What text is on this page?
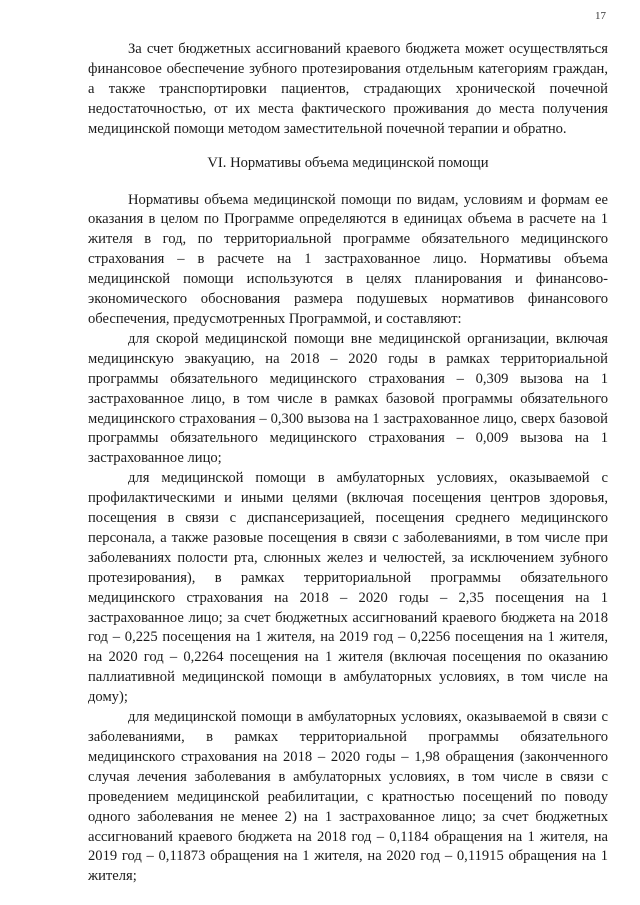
17

За счет бюджетных ассигнований краевого бюджета может осуществляться финансовое обеспечение зубного протезирования отдельным категориям граждан, а также транспортировки пациентов, страдающих хронической почечной недостаточностью, от их места фактического проживания до места получения медицинской помощи методом заместительной почечной терапии и обратно.

VI. Нормативы объема медицинской помощи

Нормативы объема медицинской помощи по видам, условиям и формам ее оказания в целом по Программе определяются в единицах объема в расчете на 1 жителя в год, по территориальной программе обязательного медицинского страхования – в расчете на 1 застрахованное лицо. Нормативы объема медицинской помощи используются в целях планирования и финансово-экономического обоснования размера подушевых нормативов финансового обеспечения, предусмотренных Программой, и составляют:

для скорой медицинской помощи вне медицинской организации, включая медицинскую эвакуацию, на 2018 – 2020 годы в рамках территориальной программы обязательного медицинского страхования – 0,309 вызова на 1 застрахованное лицо, в том числе в рамках базовой программы обязательного медицинского страхования – 0,300 вызова на 1 застрахованное лицо, сверх базовой программы обязательного медицинского страхования – 0,009 вызова на 1 застрахованное лицо;

для медицинской помощи в амбулаторных условиях, оказываемой с профилактическими и иными целями (включая посещения центров здоровья, посещения в связи с диспансеризацией, посещения среднего медицинского персонала, а также разовые посещения в связи с заболеваниями, в том числе при заболеваниях полости рта, слюнных желез и челюстей, за исключением зубного протезирования), в рамках территориальной программы обязательного медицинского страхования на 2018 – 2020 годы – 2,35 посещения на 1 застрахованное лицо; за счет бюджетных ассигнований краевого бюджета на 2018 год – 0,225 посещения на 1 жителя, на 2019 год – 0,2256 посещения на 1 жителя, на 2020 год – 0,2264 посещения на 1 жителя (включая посещения по оказанию паллиативной медицинской помощи в амбулаторных условиях, в том числе на дому);

для медицинской помощи в амбулаторных условиях, оказываемой в связи с заболеваниями, в рамках территориальной программы обязательного медицинского страхования на 2018 – 2020 годы – 1,98 обращения (законченного случая лечения заболевания в амбулаторных условиях, в том числе в связи с проведением медицинской реабилитации, с кратностью посещений по поводу одного заболевания не менее 2) на 1 застрахованное лицо; за счет бюджетных ассигнований краевого бюджета на 2018 год – 0,1184 обращения на 1 жителя, на 2019 год – 0,11873 обращения на 1 жителя, на 2020 год – 0,11915 обращения на 1 жителя;
